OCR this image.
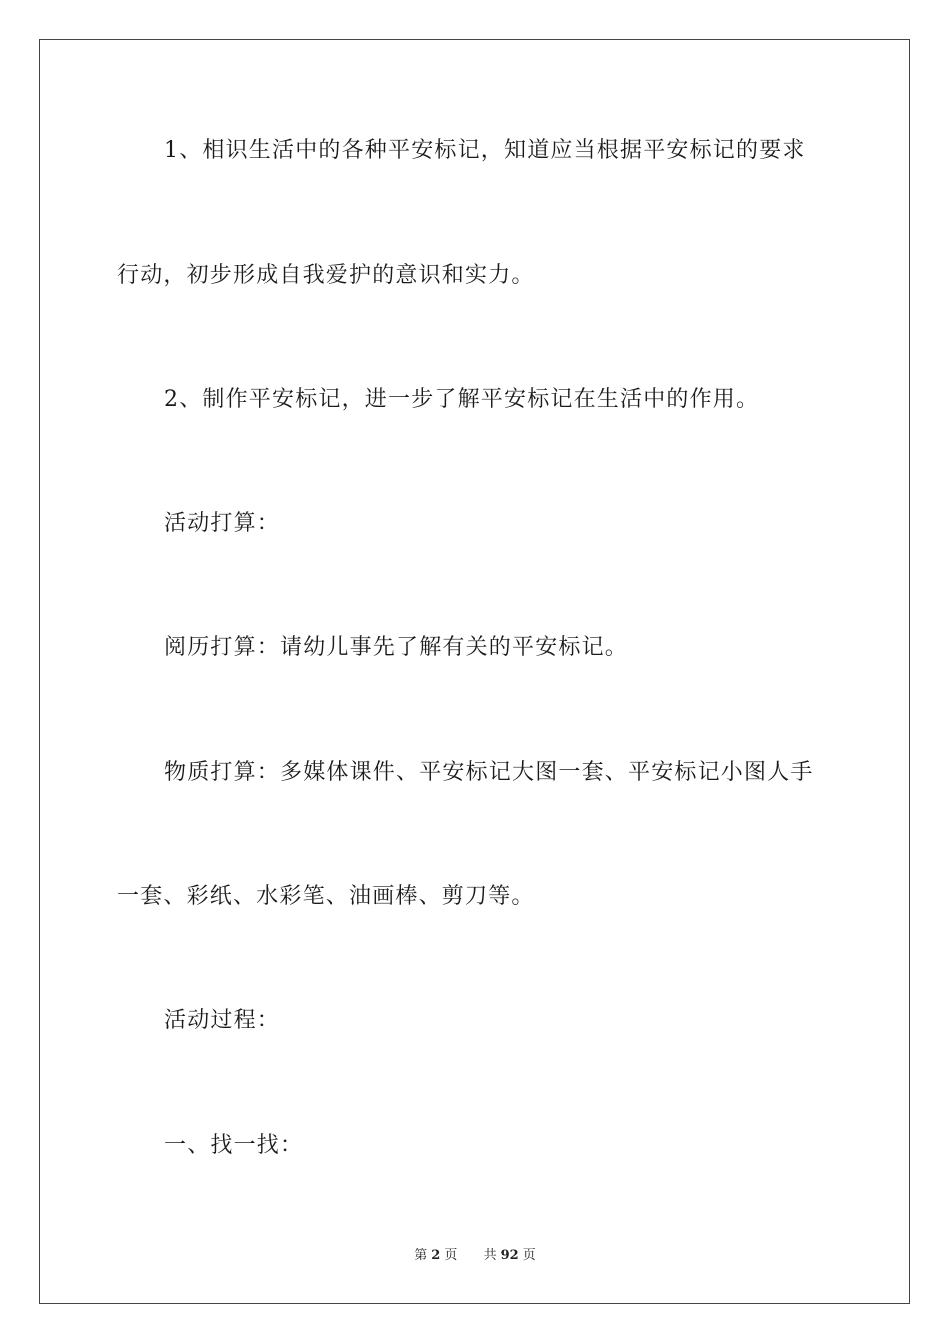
1、相识生活中的各种平安标记，知道应当根据平安标记的要求
行动，初步形成自我爱护的意识和实力。
2、制作平安标记，进一步了解平安标记在生活中的作用。
活动打算：
阅历打算：请幼儿事先了解有关的平安标记。
物质打算：多媒体课件、平安标记大图一套、平安标记小图人手
一套、彩纸、水彩笔、油画棒、剪刀等。
活动过程：
一、找一找：
第 2 页 共 92 页
